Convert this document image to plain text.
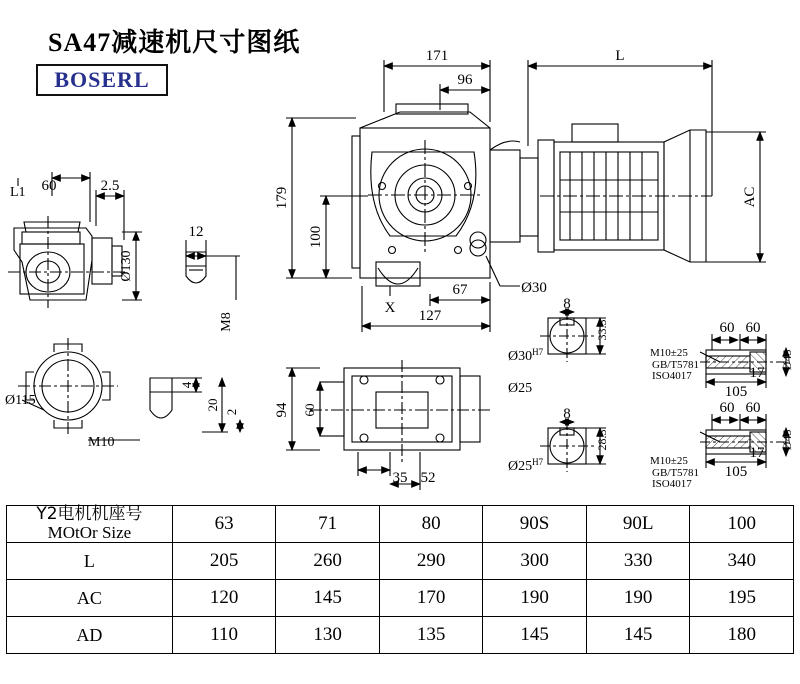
SA47减速机尺寸图纸
BOSERL
171
96
L
127
67
X
Ø30
60	2.5
12
35 52
8
8
60 60
17
105
60 60
17
105
179
100
AC
Ø130
M8
94 60
4
20
2
33.3
28.3
Ø45
Ø45
L1
Ø115
M10
$Ø30^{H7}$
$Ø25^{H7}$
Ø25
M10±25
GB/T5781
ISO4017
M10±25
GB/T5781
ISO4017
Y2电机机座号
MOtOr Size	63	71	80	90S	90L	100
L	205	260	290	300	330	340
AC	120	145	170	190	190	195
AD	110	130	135	145	145	180
